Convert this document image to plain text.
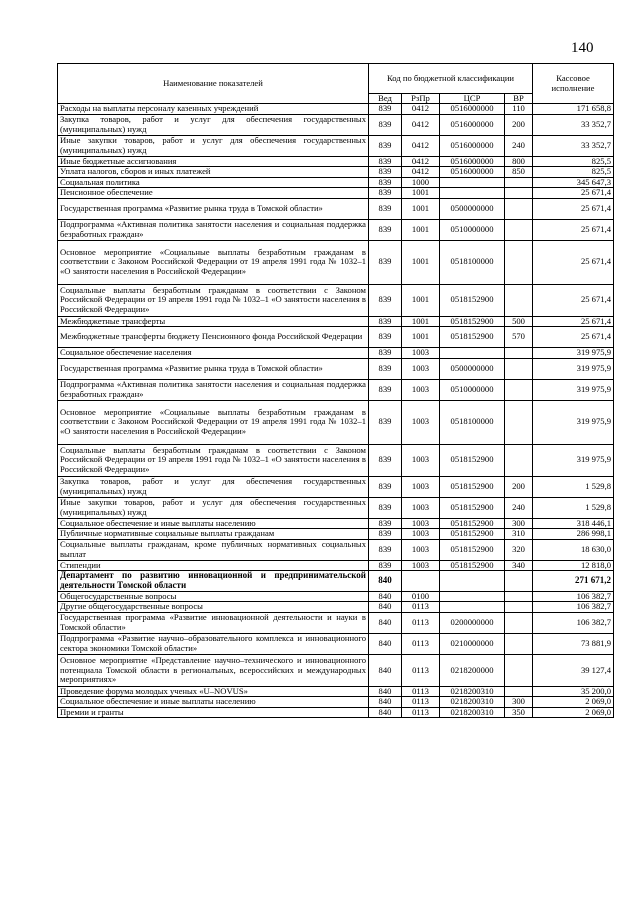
140
Наименование показателей	Код по бюджетной классификации				Кассовое исполнение
	Вед	РзПр	ЦСР	ВР	
Расходы на выплаты персоналу казенных учреждений	839	0412	0516000000	110	171 658,8
Закупка товаров, работ и услуг для обеспечения государственных (муниципальных) нужд	839	0412	0516000000	200	33 352,7
Иные закупки товаров, работ и услуг для обеспечения государственных (муниципальных) нужд	839	0412	0516000000	240	33 352,7
Иные бюджетные ассигнования	839	0412	0516000000	800	825,5
Уплата налогов, сборов и иных платежей	839	0412	0516000000	850	825,5
Социальная политика	839	1000			345 647,3
Пенсионное обеспечение	839	1001			25 671,4
Государственная программа «Развитие рынка труда в Томской области»	839	1001	0500000000		25 671,4
Подпрограмма «Активная политика занятости населения и социальная поддержка безработных граждан»	839	1001	0510000000		25 671,4
Основное мероприятие «Социальные выплаты безработным гражданам в соответствии с Законом Российской Федерации от 19 апреля 1991 года № 1032–1 «О занятости населения в Российской Федерации»	839	1001	0518100000		25 671,4
Социальные выплаты безработным гражданам в соответствии с Законом Российской Федерации от 19 апреля 1991 года № 1032–1 «О занятости населения в Российской Федерации»	839	1001	0518152900		25 671,4
Межбюджетные трансферты	839	1001	0518152900	500	25 671,4
Межбюджетные трансферты бюджету Пенсионного фонда Российской Федерации	839	1001	0518152900	570	25 671,4
Социальное обеспечение населения	839	1003			319 975,9
Государственная программа «Развитие рынка труда в Томской области»	839	1003	0500000000		319 975,9
Подпрограмма «Активная политика занятости населения и социальная поддержка безработных граждан»	839	1003	0510000000		319 975,9
Основное мероприятие «Социальные выплаты безработным гражданам в соответствии с Законом Российской Федерации от 19 апреля 1991 года № 1032–1 «О занятости населения в Российской Федерации»	839	1003	0518100000		319 975,9
Социальные выплаты безработным гражданам в соответствии с Законом Российской Федерации от 19 апреля 1991 года № 1032–1 «О занятости населения в Российской Федерации»	839	1003	0518152900		319 975,9
Закупка товаров, работ и услуг для обеспечения государственных (муниципальных) нужд	839	1003	0518152900	200	1 529,8
Иные закупки товаров, работ и услуг для обеспечения государственных (муниципальных) нужд	839	1003	0518152900	240	1 529,8
Социальное обеспечение и иные выплаты населению	839	1003	0518152900	300	318 446,1
Публичные нормативные социальные выплаты гражданам	839	1003	0518152900	310	286 998,1
Социальные выплаты гражданам, кроме публичных нормативных социальных выплат	839	1003	0518152900	320	18 630,0
Стипендии	839	1003	0518152900	340	12 818,0
Департамент по развитию инновационной и предпринимательской деятельности Томской области	840				271 671,2
Общегосударственные вопросы	840	0100			106 382,7
Другие общегосударственные вопросы	840	0113			106 382,7
Государственная программа «Развитие инновационной деятельности и науки в Томской области»	840	0113	0200000000		106 382,7
Подпрограмма «Развитие научно–образовательного комплекса и инновационного сектора экономики Томской области»	840	0113	0210000000		73 881,9
Основное мероприятие «Представление научно–технического и инновационного потенциала Томской области в регионалъных, всероссийских и международных мероприятиях»	840	0113	0218200000		39 127,4
Проведение форума молодых ученых «U–NOVUS»	840	0113	0218200310		35 200,0
Социальное обеспечение и иные выплаты населению	840	0113	0218200310	300	2 069,0
Премии и гранты	840	0113	0218200310	350	2 069,0
